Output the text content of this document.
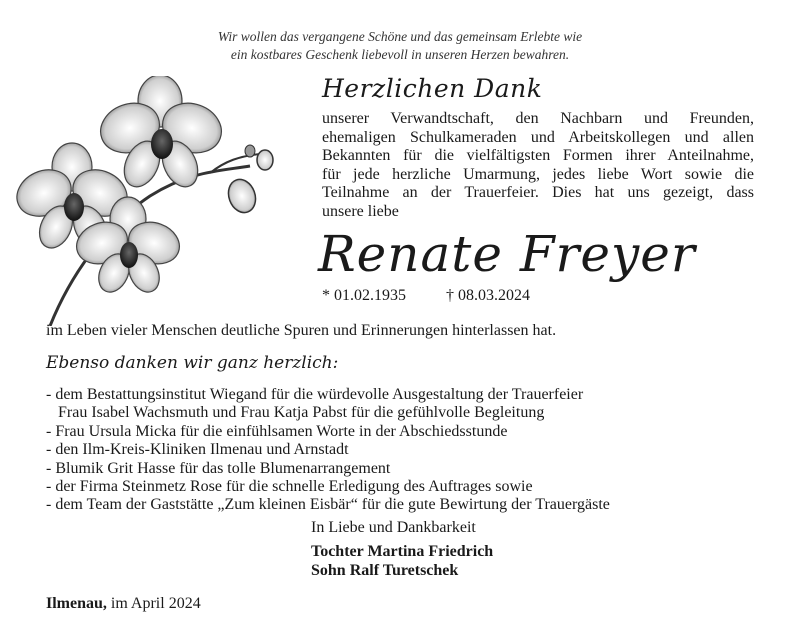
Wir wollen das vergangene Schöne und das gemeinsam Erlebte wie
ein kostbares Geschenk liebevoll in unseren Herzen bewahren.
Herzlichen Dank
unserer Verwandtschaft, den Nachbarn und Freunden,
ehemaligen Schulkameraden und Arbeitskollegen und allen
Bekannten für die vielfältigsten Formen ihrer Anteilnahme,
für jede herzliche Umarmung, jedes liebe Wort sowie die
Teilnahme an der Trauerfeier. Dies hat uns gezeigt, dass
unsere liebe
Renate Freyer
* 01.02.1935	† 08.03.2024
im Leben vieler Menschen deutliche Spuren und Erinnerungen hinterlassen hat.
Ebenso danken wir ganz herzlich:
- dem Bestattungsinstitut Wiegand für die würdevolle Ausgestaltung der Trauerfeier
Frau Isabel Wachsmuth und Frau Katja Pabst für die gefühlvolle Begleitung
- Frau Ursula Micka für die einfühlsamen Worte in der Abschiedsstunde
- den Ilm-Kreis-Kliniken Ilmenau und Arnstadt
- Blumik Grit Hasse für das tolle Blumenarrangement
- der Firma Steinmetz Rose für die schnelle Erledigung des Auftrages sowie
- dem Team der Gaststätte „Zum kleinen Eisbär“ für die gute Bewirtung der Trauergäste
In Liebe und Dankbarkeit
Tochter Martina Friedrich
Sohn Ralf Turetschek
Ilmenau, im April 2024
